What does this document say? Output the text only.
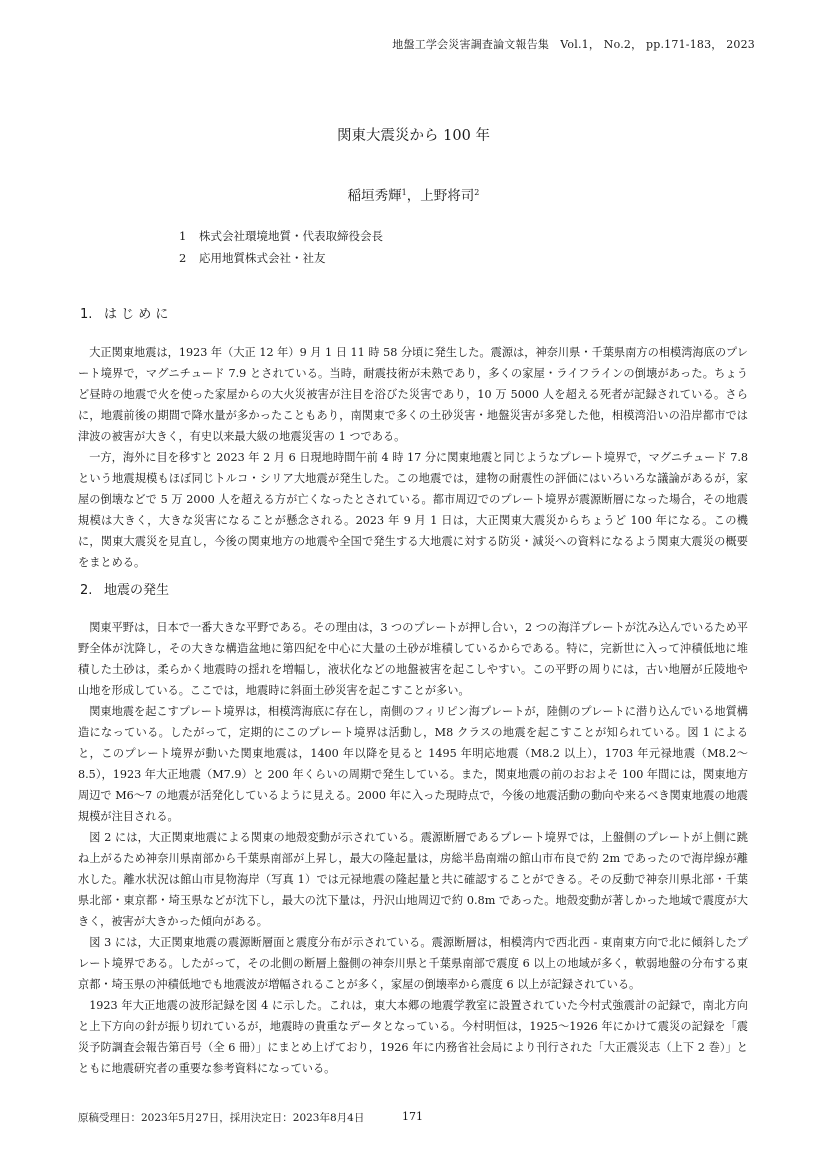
地盤工学会災害調査論文報告集　Vol.1， No.2， pp.171-183， 2023
関東大震災から 100 年
稲垣秀輝$^1$，上野将司$^2$
1 株式会社環境地質・代表取締役会長
2 応用地質株式会社・社友
1. は じ め に

大正関東地震は，1923 年（大正 12 年）9 月 1 日 11 時 58 分頃に発生した。震源は，神奈川県・千葉県南方の相模湾海底のプレート境界で，マグニチュード 7.9 とされている。当時，耐震技術が未熟であり，多くの家屋・ライフラインの倒壊があった。ちょうど昼時の地震で火を使った家屋からの大火災被害が注目を浴びた災害であり，10 万 5000 人を超える死者が記録されている。さらに，地震前後の期間で降水量が多かったこともあり，南関東で多くの土砂災害・地盤災害が多発した他，相模湾沿いの沿岸都市では津波の被害が大きく，有史以来最大級の地震災害の 1 つである。

一方，海外に目を移すと 2023 年 2 月 6 日現地時間午前 4 時 17 分に関東地震と同じようなプレート境界で，マグニチュード 7.8 という地震規模もほぼ同じトルコ・シリア大地震が発生した。この地震では，建物の耐震性の評価にはいろいろな議論があるが，家屋の倒壊などで 5 万 2000 人を超える方が亡くなったとされている。都市周辺でのプレート境界が震源断層になった場合，その地震規模は大きく，大きな災害になることが懸念される。2023 年 9 月 1 日は，大正関東大震災からちょうど 100 年になる。この機に，関東大震災を見直し，今後の関東地方の地震や全国で発生する大地震に対する防災・減災への資料になるよう関東大震災の概要をまとめる。

2. 地震の発生

関東平野は，日本で一番大きな平野である。その理由は，3 つのプレートが押し合い，2 つの海洋プレートが沈み込んでいるため平野全体が沈降し，その大きな構造盆地に第四紀を中心に大量の土砂が堆積しているからである。特に，完新世に入って沖積低地に堆積した土砂は，柔らかく地震時の揺れを増幅し，液状化などの地盤被害を起こしやすい。この平野の周りには，古い地層が丘陵地や山地を形成している。ここでは，地震時に斜面土砂災害を起こすことが多い。

関東地震を起こすプレート境界は，相模湾海底に存在し，南側のフィリピン海プレートが，陸側のプレートに潜り込んでいる地質構造になっている。したがって，定期的にこのプレート境界は活動し，M8 クラスの地震を起こすことが知られている。図 1 によると，このプレート境界が動いた関東地震は，1400 年以降を見ると 1495 年明応地震（M8.2 以上），1703 年元禄地震（M8.2～8.5），1923 年大正地震（M7.9）と 200 年くらいの周期で発生している。また，関東地震の前のおおよそ 100 年間には，関東地方周辺で M6～7 の地震が活発化しているように見える。2000 年に入った現時点で，今後の地震活動の動向や来るべき関東地震の地震規模が注目される。

図 2 には，大正関東地震による関東の地殻変動が示されている。震源断層であるプレート境界では，上盤側のプレートが上側に跳ね上がるため神奈川県南部から千葉県南部が上昇し，最大の隆起量は，房総半島南端の館山市布良で約 2m であったので海岸線が離水した。離水状況は館山市見物海岸（写真 1）では元禄地震の隆起量と共に確認することができる。その反動で神奈川県北部・千葉県北部・東京都・埼玉県などが沈下し，最大の沈下量は，丹沢山地周辺で約 0.8m であった。地殻変動が著しかった地域で震度が大きく，被害が大きかった傾向がある。

図 3 には，大正関東地震の震源断層面と震度分布が示されている。震源断層は，相模湾内で西北西 - 東南東方向で北に傾斜したプレート境界である。したがって，その北側の断層上盤側の神奈川県と千葉県南部で震度 6 以上の地域が多く，軟弱地盤の分布する東京都・埼玉県の沖積低地でも地震波が増幅されることが多く，家屋の倒壊率から震度 6 以上が記録されている。

1923 年大正地震の波形記録を図 4 に示した。これは，東大本郷の地震学教室に設置されていた今村式強震計の記録で，南北方向と上下方向の針が振り切れているが，地震時の貴重なデータとなっている。今村明恒は，1925～1926 年にかけて震災の記録を「震災予防調査会報告第百号（全 6 冊）」にまとめ上げており，1926 年に内務省社会局により刊行された「大正震災志（上下 2 巻）」とともに地震研究者の重要な参考資料になっている。

原稿受理日：2023年5月27日，採用決定日：2023年8月4日	171
